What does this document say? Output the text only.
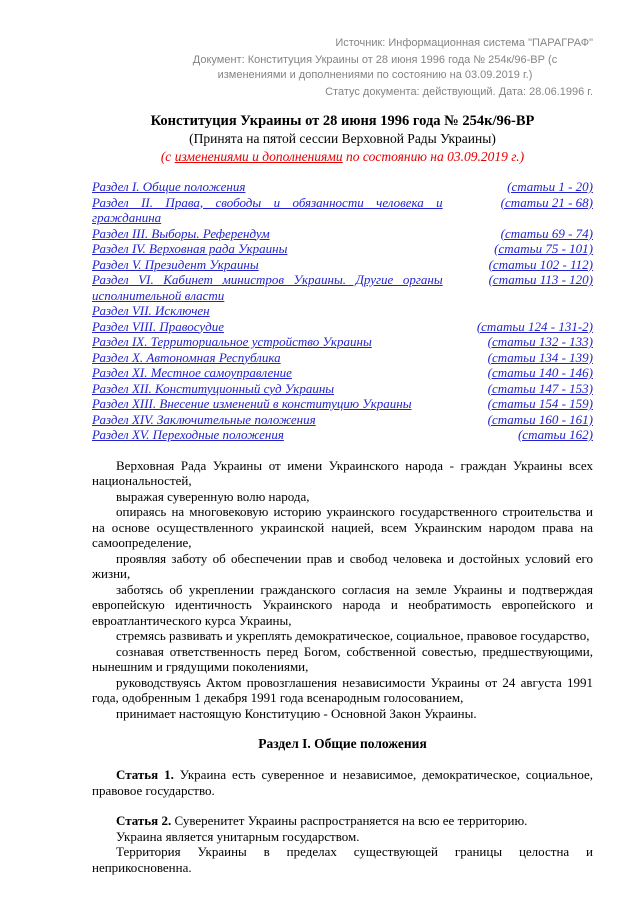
Источник: Информационная система "ПАРАГРАФ"

Документ: Конституция Украины от 28 июня 1996 года № 254к/96-ВР (с изменениями и дополнениями по состоянию на 03.09.2019 г.)

Статус документа: действующий. Дата: 28.06.1996 г.

Конституция Украины от 28 июня 1996 года № 254к/96-ВР

(Принята на пятой сессии Верховной Рады Украины)

(с изменениями и дополнениями по состоянию на 03.09.2019 г.)

Раздел I. Общие положения	(статьи 1 - 20)
Раздел II. Права, свободы и обязанности человека и гражданина	(статьи 21 - 68)
Раздел III. Выборы. Референдум	(статьи 69 - 74)
Раздел IV. Верховная рада Украины	(статьи 75 - 101)
Раздел V. Президент Украины	(статьи 102 - 112)
Раздел VI. Кабинет министров Украины. Другие органы исполнительной власти	(статьи 113 - 120)
Раздел VII. Исключен	
Раздел VIII. Правосудие	(статьи 124 - 131-2)
Раздел IX. Территориальное устройство Украины	(статьи 132 - 133)
Раздел X. Автономная Республика	(статьи 134 - 139)
Раздел XI. Местное самоуправление	(статьи 140 - 146)
Раздел XII. Конституционный суд Украины	(статьи 147 - 153)
Раздел XIII. Внесение изменений в конституцию Украины	(статьи 154 - 159)
Раздел XIV. Заключительные положения	(статьи 160 - 161)
Раздел XV. Переходные положения	(статьи 162)

Верховная Рада Украины от имени Украинского народа - граждан Украины всех национальностей,

выражая суверенную волю народа,

опираясь на многовековую историю украинского государственного строительства и на основе осуществленного украинской нацией, всем Украинским народом права на самоопределение,

проявляя заботу об обеспечении прав и свобод человека и достойных условий его жизни,

заботясь об укреплении гражданского согласия на земле Украины и подтверждая европейскую идентичность Украинского народа и необратимость европейского и евроатлантического курса Украины,

стремясь развивать и укреплять демократическое, социальное, правовое государство,

сознавая ответственность перед Богом, собственной совестью, предшествующими, нынешним и грядущими поколениями,

руководствуясь Актом провозглашения независимости Украины от 24 августа 1991 года, одобренным 1 декабря 1991 года всенародным голосованием,

принимает настоящую Конституцию - Основной Закон Украины.

Раздел I. Общие положения

Статья 1. Украина есть суверенное и независимое, демократическое, социальное, правовое государство.

Статья 2. Суверенитет Украины распространяется на всю ее территорию.

Украина является унитарным государством.

Территория Украины в пределах существующей границы целостна и неприкосновенна.
